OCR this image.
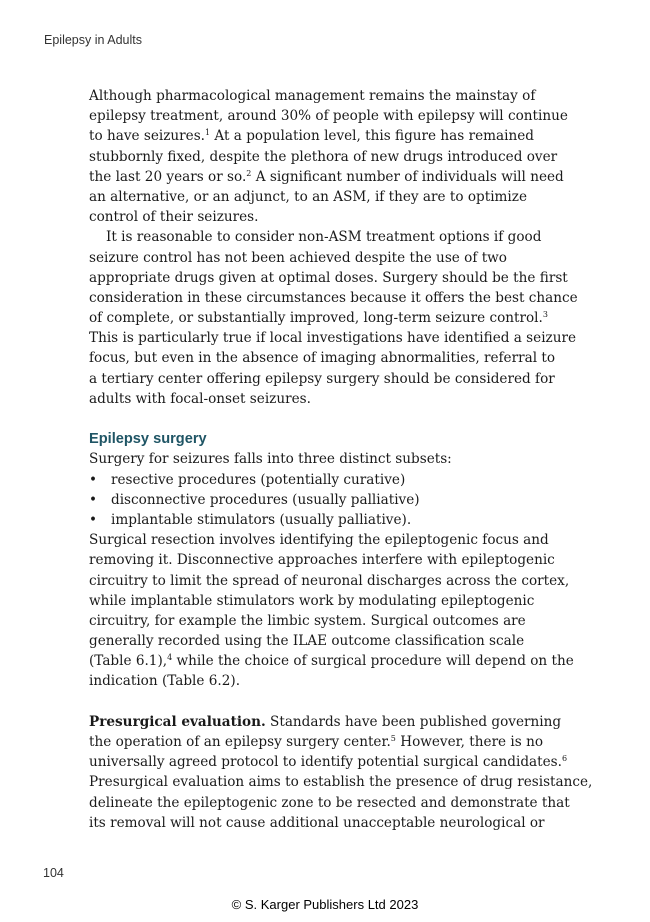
Epilepsy in Adults
Although pharmacological management remains the mainstay of
epilepsy treatment, around 30% of people with epilepsy will continue
to have seizures.$^1$ At a population level, this figure has remained
stubbornly fixed, despite the plethora of new drugs introduced over
the last 20 years or so.$^2$ A significant number of individuals will need
an alternative, or an adjunct, to an ASM, if they are to optimize
control of their seizures.
It is reasonable to consider non-ASM treatment options if good
seizure control has not been achieved despite the use of two
appropriate drugs given at optimal doses. Surgery should be the first
consideration in these circumstances because it offers the best chance
of complete, or substantially improved, long-term seizure control.$^3$
This is particularly true if local investigations have identified a seizure
focus, but even in the absence of imaging abnormalities, referral to
a tertiary center offering epilepsy surgery should be considered for
adults with focal-onset seizures.
Epilepsy surgery
Surgery for seizures falls into three distinct subsets:
• resective procedures (potentially curative)
• disconnective procedures (usually palliative)
• implantable stimulators (usually palliative).
Surgical resection involves identifying the epileptogenic focus and
removing it. Disconnective approaches interfere with epileptogenic
circuitry to limit the spread of neuronal discharges across the cortex,
while implantable stimulators work by modulating epileptogenic
circuitry, for example the limbic system. Surgical outcomes are
generally recorded using the ILAE outcome classification scale
(Table 6.1),$^4$ while the choice of surgical procedure will depend on the
indication (Table 6.2).
Presurgical evaluation. Standards have been published governing
the operation of an epilepsy surgery center.$^5$ However, there is no
universally agreed protocol to identify potential surgical candidates.$^6$
Presurgical evaluation aims to establish the presence of drug resistance,
delineate the epileptogenic zone to be resected and demonstrate that
its removal will not cause additional unacceptable neurological or
104
© S. Karger Publishers Ltd 2023
